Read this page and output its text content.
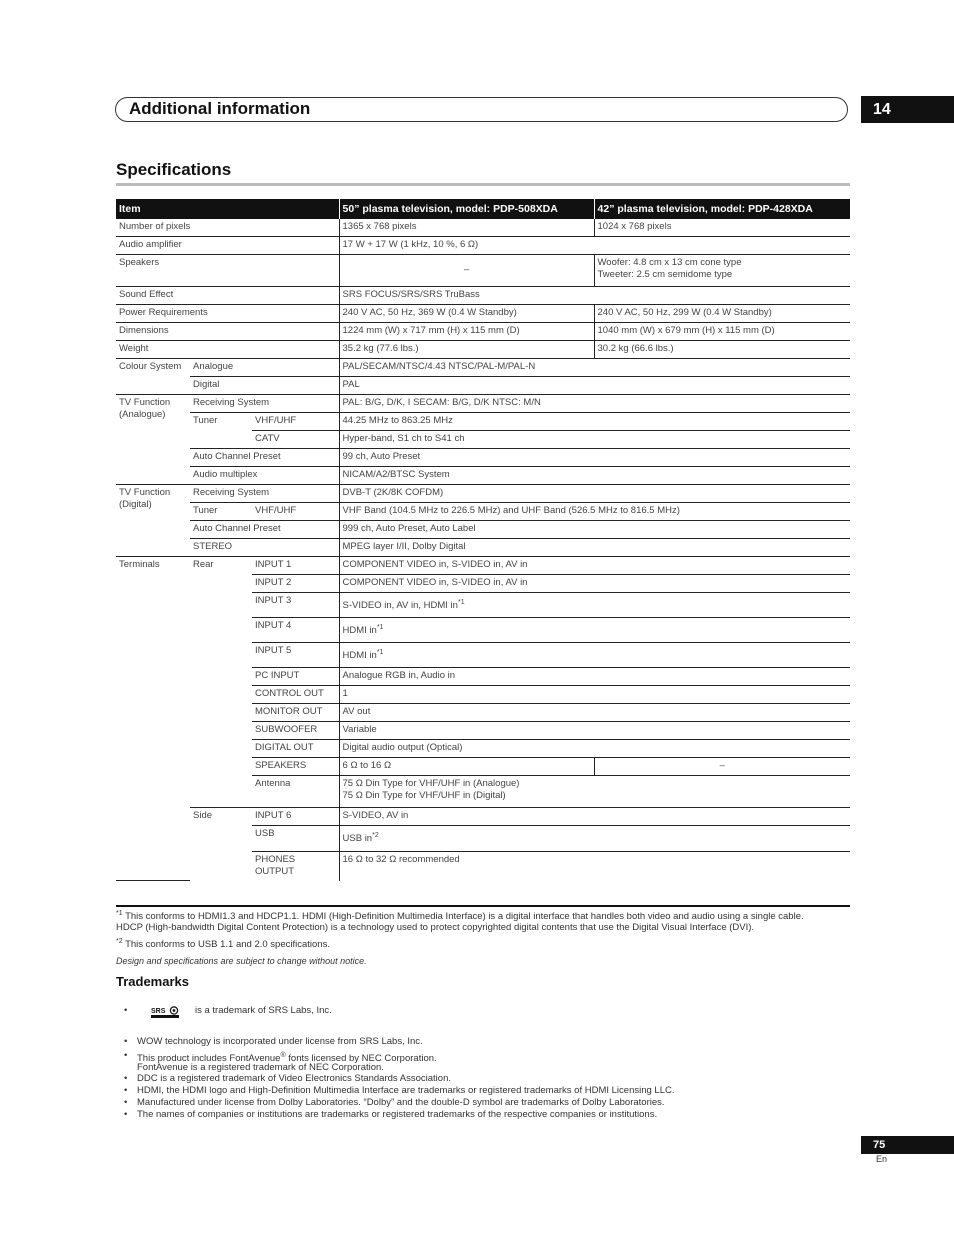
Additional information	14
Specifications
Item			50” plasma television, model: PDP-508XDA	42” plasma television, model: PDP-428XDA
Number of pixels			1365 x 768 pixels	1024 x 768 pixels
Audio amplifier			17 W + 17 W (1 kHz, 10 %, 6 Ω)	
Speakers			–	Woofer: 4.8 cm x 13 cm cone type
Tweeter: 2.5 cm semidome type

Sound Effect			SRS FOCUS/SRS/SRS TruBass	
Power Requirements			240 V AC, 50 Hz, 369 W (0.4 W Standby)	240 V AC, 50 Hz, 299 W (0.4 W Standby)
Dimensions			1224 mm (W) x 717 mm (H) x 115 mm (D)	1040 mm (W) x 679 mm (H) x 115 mm (D)
Weight			35.2 kg (77.6 lbs.)	30.2 kg (66.6 lbs.)
Colour System	Analogue		PAL/SECAM/NTSC/4.43 NTSC/PAL-M/PAL-N	
	Digital		PAL	

TV Function
(Analogue)	Receiving System		PAL: B/G, D/K, I SECAM: B/G, D/K NTSC: M/N	
	Tuner	VHF/UHF	44.25 MHz to 863.25 MHz	
		CATV	Hyper-band, S1 ch to S41 ch	
	Auto Channel Preset		99 ch, Auto Preset	
	Audio multiplex		NICAM/A2/BTSC System	

TV Function
(Digital)	Receiving System		DVB-T (2K/8K COFDM)	
	Tuner	VHF/UHF	VHF Band (104.5 MHz to 226.5 MHz) and UHF Band (526.5 MHz to 816.5 MHz)	
	Auto Channel Preset		999 ch, Auto Preset, Auto Label	
	STEREO		MPEG layer I/II, Dolby Digital	
Terminals	Rear	INPUT 1	COMPONENT VIDEO in, S-VIDEO in, AV in	
		INPUT 2	COMPONENT VIDEO in, S-VIDEO in, AV in	
		INPUT 3	S-VIDEO in, AV in, HDMI $in^{*1}$
		INPUT 4	HDMI $in^{*1}$
		INPUT 5	HDMI $in^{*1}$
		PC INPUT	Analogue RGB in, Audio in	
		CONTROL OUT	1	
		MONITOR OUT	AV out	
		SUBWOOFER	Variable	
		DIGITAL OUT	Digital audio output (Optical)	
		SPEAKERS	6 Ω to 16 Ω	–
		Antenna	75 Ω Din Type for VHF/UHF in (Analogue)
75 Ω Din Type for VHF/UHF in (Digital)	

	Side	INPUT 6	S-VIDEO, AV in	
		USB	USB $in^{*2}$
		PHONES OUTPUT	16 Ω to 32 Ω recommended	
$^{*1}$ This conforms to HDMI1.3 and HDCP1.1. HDMI (High-Definition Multimedia Interface) is a digital interface that handles both video and audio using a single cable.
HDCP (High-bandwidth Digital Content Protection) is a technology used to protect copyrighted digital contents that use the Digital Visual Interface (DVI).
$^{*2}$ This conforms to USB 1.1 and 2.0 specifications.
Design and specifications are subject to change without notice.
Trademarks
•	SRS	is a trademark of SRS Labs, Inc.
• WOW technology is incorporated under license from SRS Labs, Inc.
• This product includes FontAvenue® fonts licensed by NEC Corporation.
FontAvenue is a registered trademark of NEC Corporation.
• DDC is a registered trademark of Video Electronics Standards Association.
• HDMI, the HDMI logo and High-Definition Multimedia Interface are trademarks or registered trademarks of HDMI Licensing LLC.
• Manufactured under license from Dolby Laboratories. “Dolby” and the double-D symbol are trademarks of Dolby Laboratories.
• The names of companies or institutions are trademarks or registered trademarks of the respective companies or institutions.
75
En
